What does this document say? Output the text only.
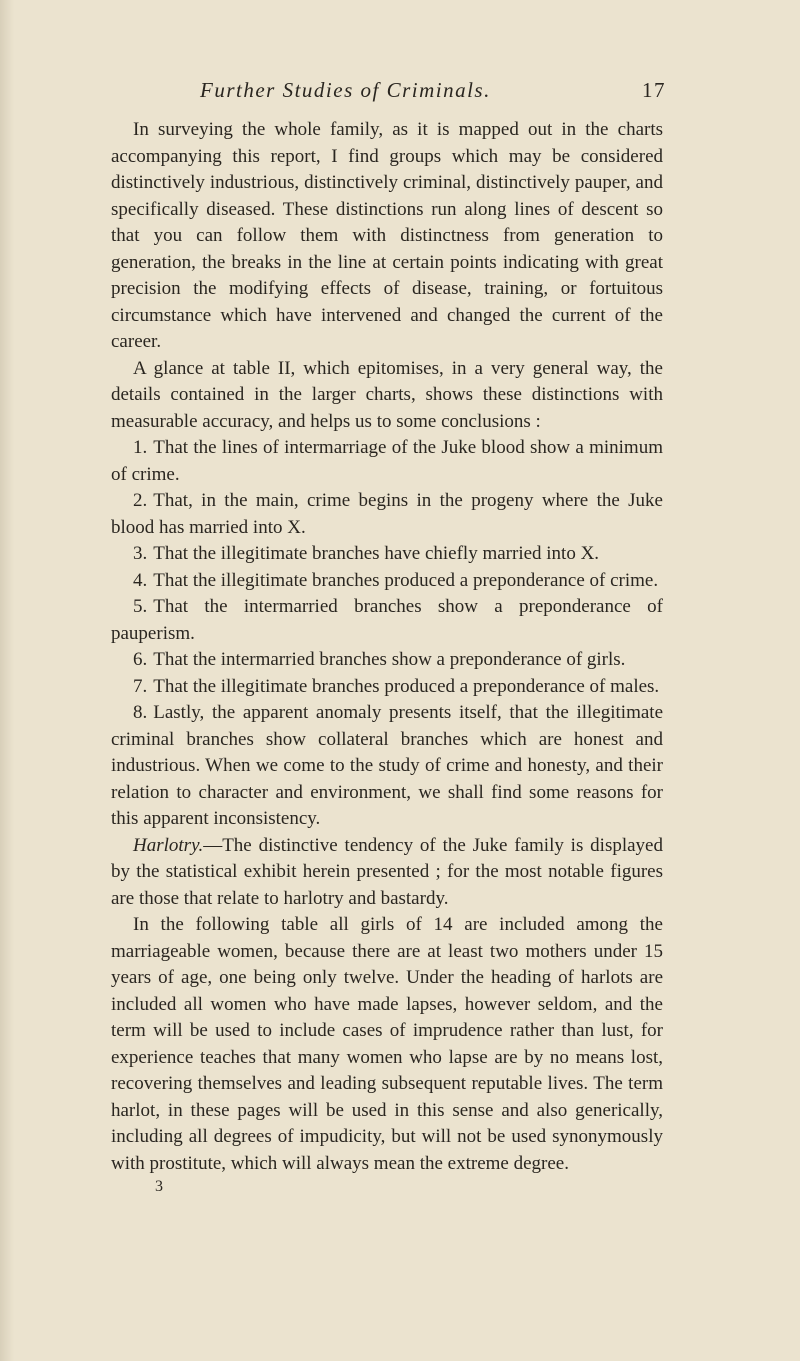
Further Studies of Criminals.	17

In surveying the whole family, as it is mapped out in the charts accompanying this report, I find groups which may be considered distinctively industrious, distinctively criminal, distinctively pauper, and specifically diseased. These distinctions run along lines of descent so that you can follow them with distinctness from generation to generation, the breaks in the line at certain points indicating with great precision the modifying effects of disease, training, or fortuitous circumstance which have intervened and changed the current of the career.

A glance at table II, which epitomises, in a very general way, the details contained in the larger charts, shows these distinctions with measurable accuracy, and helps us to some conclusions :

1. That the lines of intermarriage of the Juke blood show a minimum of crime.
2. That, in the main, crime begins in the progeny where the Juke blood has married into X.
3. That the illegitimate branches have chiefly married into X.
4. That the illegitimate branches produced a preponderance of crime.
5. That the intermarried branches show a preponderance of pauperism.
6. That the intermarried branches show a preponderance of girls.
7. That the illegitimate branches produced a preponderance of males.
8. Lastly, the apparent anomaly presents itself, that the illegitimate criminal branches show collateral branches which are honest and industrious. When we come to the study of crime and honesty, and their relation to character and environment, we shall find some reasons for this apparent inconsistency.

Harlotry.—The distinctive tendency of the Juke family is displayed by the statistical exhibit herein presented ; for the most notable figures are those that relate to harlotry and bastardy.

In the following table all girls of 14 are included among the marriageable women, because there are at least two mothers under 15 years of age, one being only twelve. Under the heading of harlots are included all women who have made lapses, however seldom, and the term will be used to include cases of imprudence rather than lust, for experience teaches that many women who lapse are by no means lost, recovering themselves and leading subsequent reputable lives. The term harlot, in these pages will be used in this sense and also generically, including all degrees of impudicity, but will not be used synonymously with prostitute, which will always mean the extreme degree.

3
